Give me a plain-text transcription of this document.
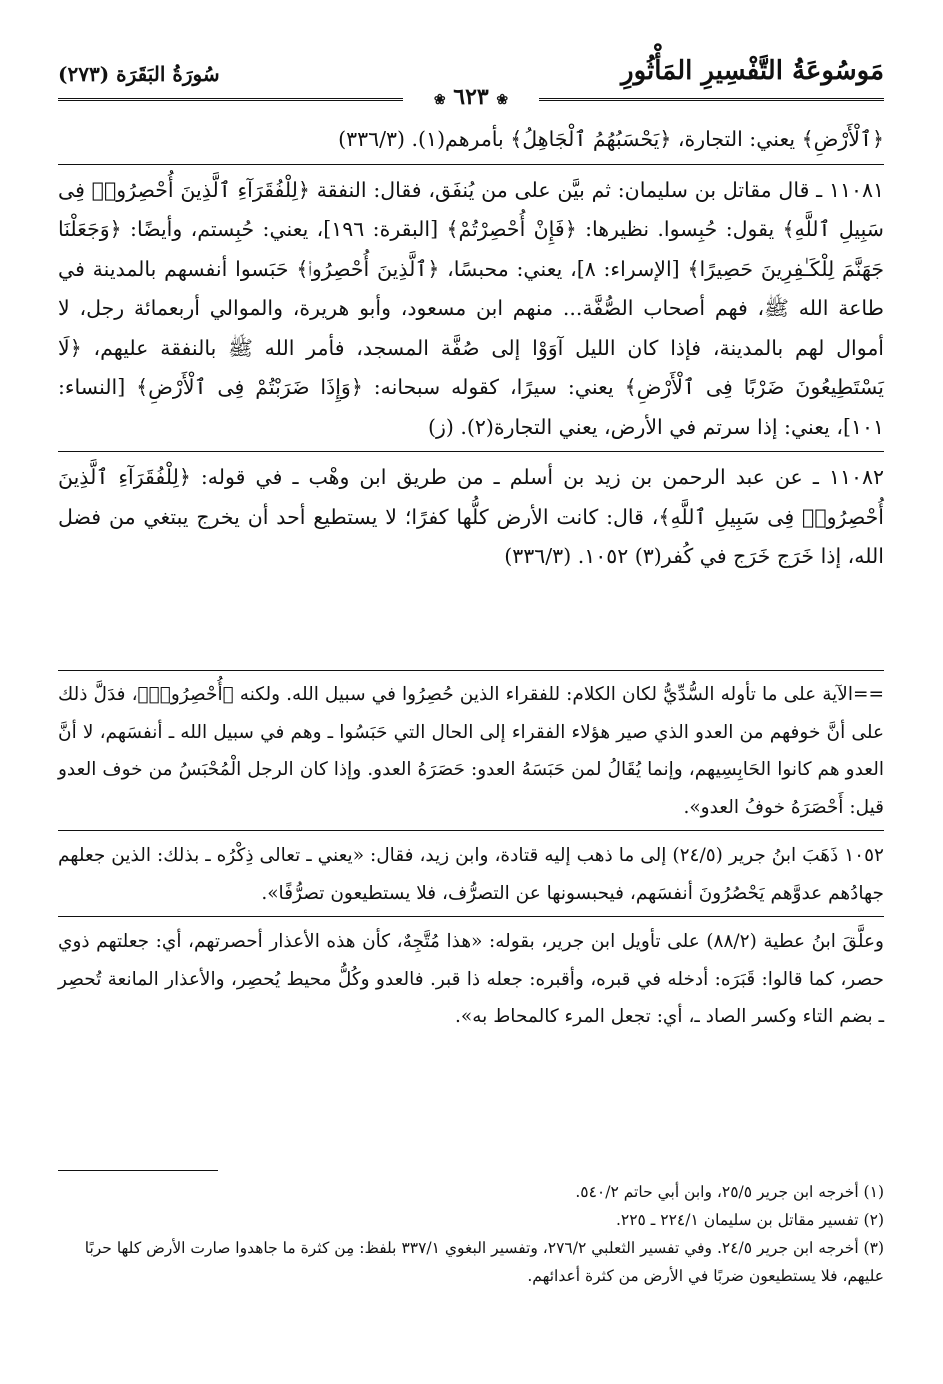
مَوسُوعَةُ التَّفْسِيرِ المَأْثُورِ
سُورَةُ البَقَرَة (٢٧٣)
❀ ٦٢٣ ❀

﴿ٱلْأَرْضِ﴾ يعني: التجارة، ﴿يَحْسَبُهُمُ ٱلْجَاهِلُ﴾ بأمرهم(١). (٣٣٦/٣)

١١٠٨١ ـ قال مقاتل بن سليمان: ثم بيَّن على من يُنفَق، فقال: النفقة ﴿لِلْفُقَرَآءِ ٱلَّذِينَ أُحْصِرُوا۟ فِى سَبِيلِ ٱللَّهِ﴾ يقول: حُبِسوا. نظيرها: ﴿فَإِنْ أُحْصِرْتُمْ﴾ [البقرة: ١٩٦]، يعني: حُبِستم، وأيضًا: ﴿وَجَعَلْنَا جَهَنَّمَ لِلْكَـٰفِرِينَ حَصِيرًا﴾ [الإسراء: ٨]، يعني: محبسًا، ﴿ٱلَّذِينَ أُحْصِرُوا۟﴾ حَبَسوا أنفسهم بالمدينة في طاعة الله ﷺ، فهم أصحاب الصُّفَّة... منهم ابن مسعود، وأبو هريرة، والموالي أربعمائة رجل، لا أموال لهم بالمدينة، فإذا كان الليل آوَوْا إلى صُفَّة المسجد، فأمر الله ﷺ بالنفقة عليهم، ﴿لَا يَسْتَطِيعُونَ ضَرْبًا فِى ٱلْأَرْضِ﴾ يعني: سيرًا، كقوله سبحانه: ﴿وَإِذَا ضَرَبْتُمْ فِى ٱلْأَرْضِ﴾ [النساء: ١٠١]، يعني: إذا سرتم في الأرض، يعني التجارة(٢). (ز)

١١٠٨٢ ـ عن عبد الرحمن بن زيد بن أسلم ـ من طريق ابن وهْب ـ في قوله: ﴿لِلْفُقَرَآءِ ٱلَّذِينَ أُحْصِرُوا۟ فِى سَبِيلِ ٱللَّهِ﴾، قال: كانت الأرض كلُّها كفرًا؛ لا يستطيع أحد أن يخرج يبتغي من فضل الله، إذا خَرَج خَرَج في كُفر(٣) ١٠٥٢. (٣٣٦/٣)

==الآية على ما تأوله السُّدِّيُّ لكان الكلام: للفقراء الذين حُصِرُوا في سبيل الله. ولكنه ﴿أُحْصِرُوا۟﴾، فدَلَّ ذلك على أنَّ خوفهم من العدو الذي صير هؤلاء الفقراء إلى الحال التي حَبَسُوا ـ وهم في سبيل الله ـ أنفسَهم، لا أنَّ العدو هم كانوا الحَابِسِيهم، وإنما يُقَالُ لمن حَبَسَهُ العدو: حَصَرَهُ العدو. وإذا كان الرجل الْمُحْبَسُ من خوف العدو قيل: أَحْصَرَهُ خوفُ العدو».

١٠٥٢ ذَهَبَ ابنُ جرير (٢٤/٥) إلى ما ذهب إليه قتادة، وابن زيد، فقال: «يعني ـ تعالى ذِكْرُه ـ بذلك: الذين جعلهم جهادُهم عدوَّهم يَحْصُرُونَ أنفسَهم، فيحبسونها عن التصرُّف، فلا يستطيعون تصرُّفًا».

وعلَّقَ ابنُ عطية (٨٨/٢) على تأويل ابن جرير، بقوله: «هذا مُتَّجِهٌ، كأن هذه الأعذار أحصرتهم، أي: جعلتهم ذوي حصر، كما قالوا: قَبَرَه: أدخله في قبره، وأقبره: جعله ذا قبر. فالعدو وكُلُّ محيط يُحصِر، والأعذار المانعة تُحصِر ـ بضم التاء وكسر الصاد ـ، أي: تجعل المرء كالمحاط به».

(١) أخرجه ابن جرير ٢٥/٥، وابن أبي حاتم ٥٤٠/٢.

(٢) تفسير مقاتل بن سليمان ٢٢٤/١ ـ ٢٢٥.

(٣) أخرجه ابن جرير ٢٤/٥. وفي تفسير الثعلبي ٢٧٦/٢، وتفسير البغوي ٣٣٧/١ بلفظ: مِن كثرة ما جاهدوا صارت الأرض كلها حربًا عليهم، فلا يستطيعون ضربًا في الأرض من كثرة أعدائهم.
